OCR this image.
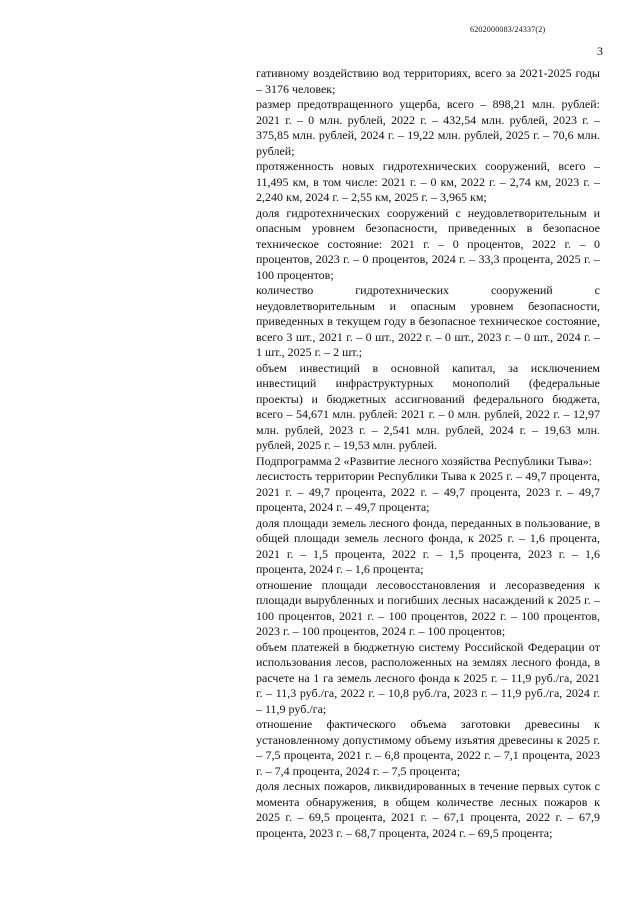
6202000083/24337(2)
3

гативному воздействию вод территориях, всего за 2021-2025 годы – 3176 человек;

размер предотвращенного ущерба, всего – 898,21 млн. рублей: 2021 г. – 0 млн. рублей, 2022 г. – 432,54 млн. рублей, 2023 г. – 375,85 млн. рублей, 2024 г. – 19,22 млн. рублей, 2025 г. – 70,6 млн. рублей;

протяженность новых гидротехнических сооружений, всего – 11,495 км, в том числе: 2021 г. – 0 км, 2022 г. – 2,74 км, 2023 г. – 2,240 км, 2024 г. – 2,55 км, 2025 г. – 3,965 км;

доля гидротехнических сооружений с неудовлетворительным и опасным уровнем безопасности, приведенных в безопасное техническое состояние: 2021 г. – 0 процентов, 2022 г. – 0 процентов, 2023 г. – 0 процентов, 2024 г. – 33,3 процента, 2025 г. – 100 процентов;

количество гидротехнических сооружений с неудовлетворительным и опасным уровнем безопасности, приведенных в текущем году в безопасное техническое состояние, всего 3 шт., 2021 г. – 0 шт., 2022 г. – 0 шт., 2023 г. – 0 шт., 2024 г. – 1 шт., 2025 г. – 2 шт.;

объем инвестиций в основной капитал, за исключением инвестиций инфраструктурных монополий (федеральные проекты) и бюджетных ассигнований федерального бюджета, всего – 54,671 млн. рублей: 2021 г. – 0 млн. рублей, 2022 г. – 12,97 млн. рублей, 2023 г. – 2,541 млн. рублей, 2024 г. – 19,63 млн. рублей, 2025 г. – 19,53 млн. рублей.

Подпрограмма 2 «Развитие лесного хозяйства Республики Тыва»:

лесистость территории Республики Тыва к 2025 г. – 49,7 процента, 2021 г. – 49,7 процента, 2022 г. – 49,7 процента, 2023 г. – 49,7 процента, 2024 г. – 49,7 процента;

доля площади земель лесного фонда, переданных в пользование, в общей площади земель лесного фонда, к 2025 г. – 1,6 процента, 2021 г. – 1,5 процента, 2022 г. – 1,5 процента, 2023 г. – 1,6 процента, 2024 г. – 1,6 процента;

отношение площади лесовосстановления и лесоразведения к площади вырубленных и погибших лесных насаждений к 2025 г. – 100 процентов, 2021 г. – 100 процентов, 2022 г. – 100 процентов, 2023 г. – 100 процентов, 2024 г. – 100 процентов;

объем платежей в бюджетную систему Российской Федерации от использования лесов, расположенных на землях лесного фонда, в расчете на 1 га земель лесного фонда к 2025 г. – 11,9 руб./га, 2021 г. – 11,3 руб./га, 2022 г. – 10,8 руб./га, 2023 г. – 11,9 руб./га, 2024 г. – 11,9 руб./га;

отношение фактического объема заготовки древесины к установленному допустимому объему изъятия древесины к 2025 г. – 7,5 процента, 2021 г. – 6,8 процента, 2022 г. – 7,1 процента, 2023 г. – 7,4 процента, 2024 г. – 7,5 процента;

доля лесных пожаров, ликвидированных в течение первых суток с момента обнаружения, в общем количестве лесных пожаров к 2025 г. – 69,5 процента, 2021 г. – 67,1 процента, 2022 г. – 67,9 процента, 2023 г. – 68,7 процента, 2024 г. – 69,5 процента;
